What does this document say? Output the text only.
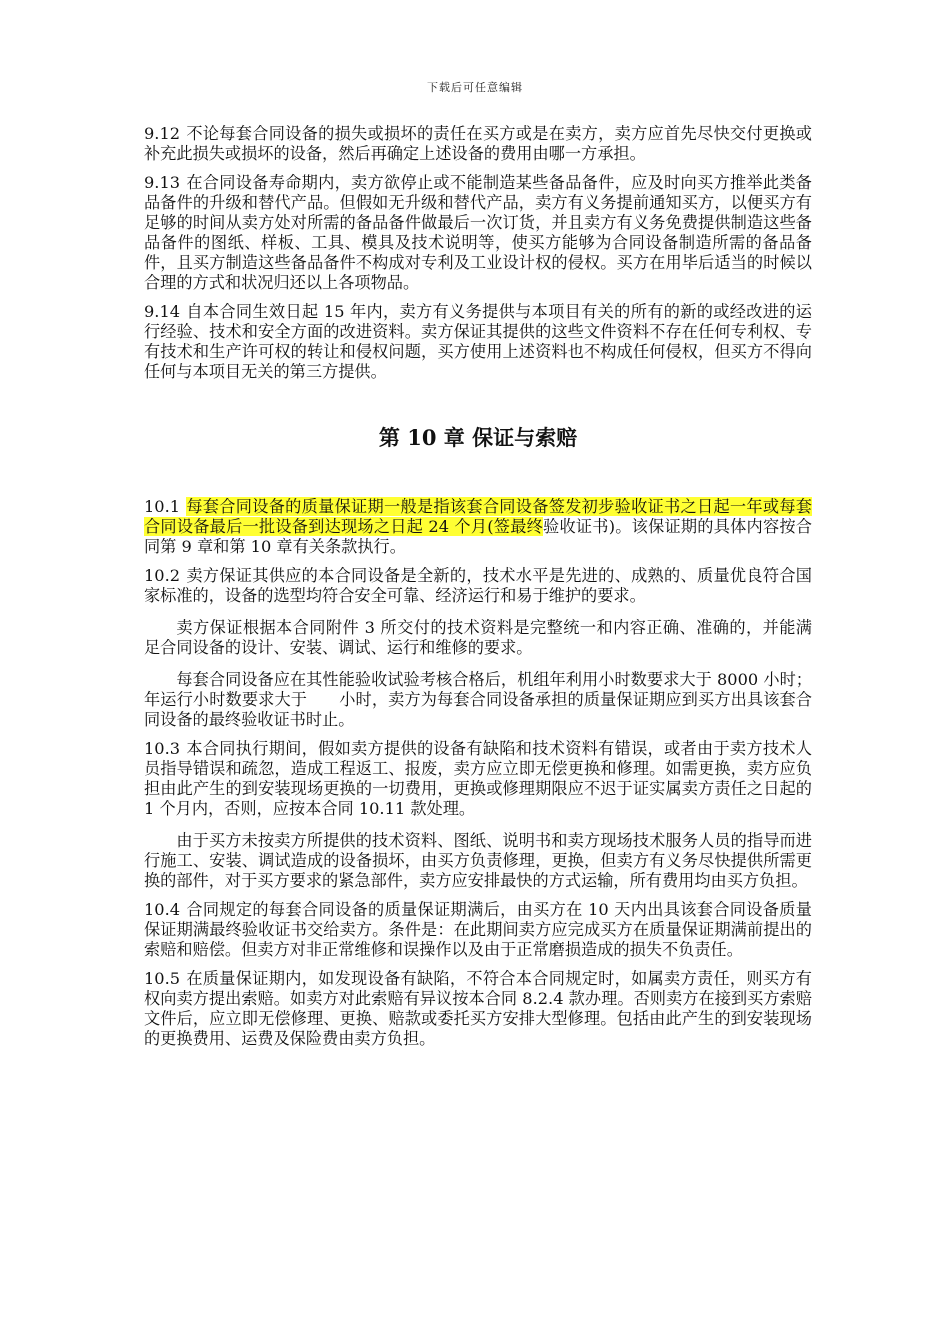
下载后可任意编辑

9.12 不论每套合同设备的损失或损坏的责任在买方或是在卖方，卖方应首先尽快交付更换或补充此损失或损坏的设备，然后再确定上述设备的费用由哪一方承担。

9.13 在合同设备寿命期内，卖方欲停止或不能制造某些备品备件，应及时向买方推举此类备品备件的升级和替代产品。但假如无升级和替代产品，卖方有义务提前通知买方，以便买方有足够的时间从卖方处对所需的备品备件做最后一次订货，并且卖方有义务免费提供制造这些备品备件的图纸、样板、工具、模具及技术说明等，使买方能够为合同设备制造所需的备品备件，且买方制造这些备品备件不构成对专利及工业设计权的侵权。买方在用毕后适当的时候以合理的方式和状况归还以上各项物品。

9.14 自本合同生效日起 15 年内，卖方有义务提供与本项目有关的所有的新的或经改进的运行经验、技术和安全方面的改进资料。卖方保证其提供的这些文件资料不存在任何专利权、专有技术和生产许可权的转让和侵权问题，买方使用上述资料也不构成任何侵权，但买方不得向任何与本项目无关的第三方提供。

第 10 章 保证与索赔

10.1 每套合同设备的质量保证期一般是指该套合同设备签发初步验收证书之日起一年或每套合同设备最后一批设备到达现场之日起 24 个月(签最终验收证书)。该保证期的具体内容按合同第 9 章和第 10 章有关条款执行。

10.2 卖方保证其供应的本合同设备是全新的，技术水平是先进的、成熟的、质量优良符合国家标准的，设备的选型均符合安全可靠、经济运行和易于维护的要求。

卖方保证根据本合同附件 3 所交付的技术资料是完整统一和内容正确、准确的，并能满足合同设备的设计、安装、调试、运行和维修的要求。

每套合同设备应在其性能验收试验考核合格后，机组年利用小时数要求大于 8000 小时；年运行小时数要求大于 小时，卖方为每套合同设备承担的质量保证期应到买方出具该套合同设备的最终验收证书时止。

10.3 本合同执行期间，假如卖方提供的设备有缺陷和技术资料有错误，或者由于卖方技术人员指导错误和疏忽，造成工程返工、报废，卖方应立即无偿更换和修理。如需更换，卖方应负担由此产生的到安装现场更换的一切费用，更换或修理期限应不迟于证实属卖方责任之日起的 1 个月内，否则，应按本合同 10.11 款处理。

由于买方未按卖方所提供的技术资料、图纸、说明书和卖方现场技术服务人员的指导而进行施工、安装、调试造成的设备损坏，由买方负责修理，更换，但卖方有义务尽快提供所需更换的部件，对于买方要求的紧急部件，卖方应安排最快的方式运输，所有费用均由买方负担。

10.4 合同规定的每套合同设备的质量保证期满后，由买方在 10 天内出具该套合同设备质量保证期满最终验收证书交给卖方。条件是：在此期间卖方应完成买方在质量保证期满前提出的索赔和赔偿。但卖方对非正常维修和误操作以及由于正常磨损造成的损失不负责任。

10.5 在质量保证期内，如发现设备有缺陷，不符合本合同规定时，如属卖方责任，则买方有权向卖方提出索赔。如卖方对此索赔有异议按本合同 8.2.4 款办理。否则卖方在接到买方索赔文件后，应立即无偿修理、更换、赔款或委托买方安排大型修理。包括由此产生的到安装现场的更换费用、运费及保险费由卖方负担。
